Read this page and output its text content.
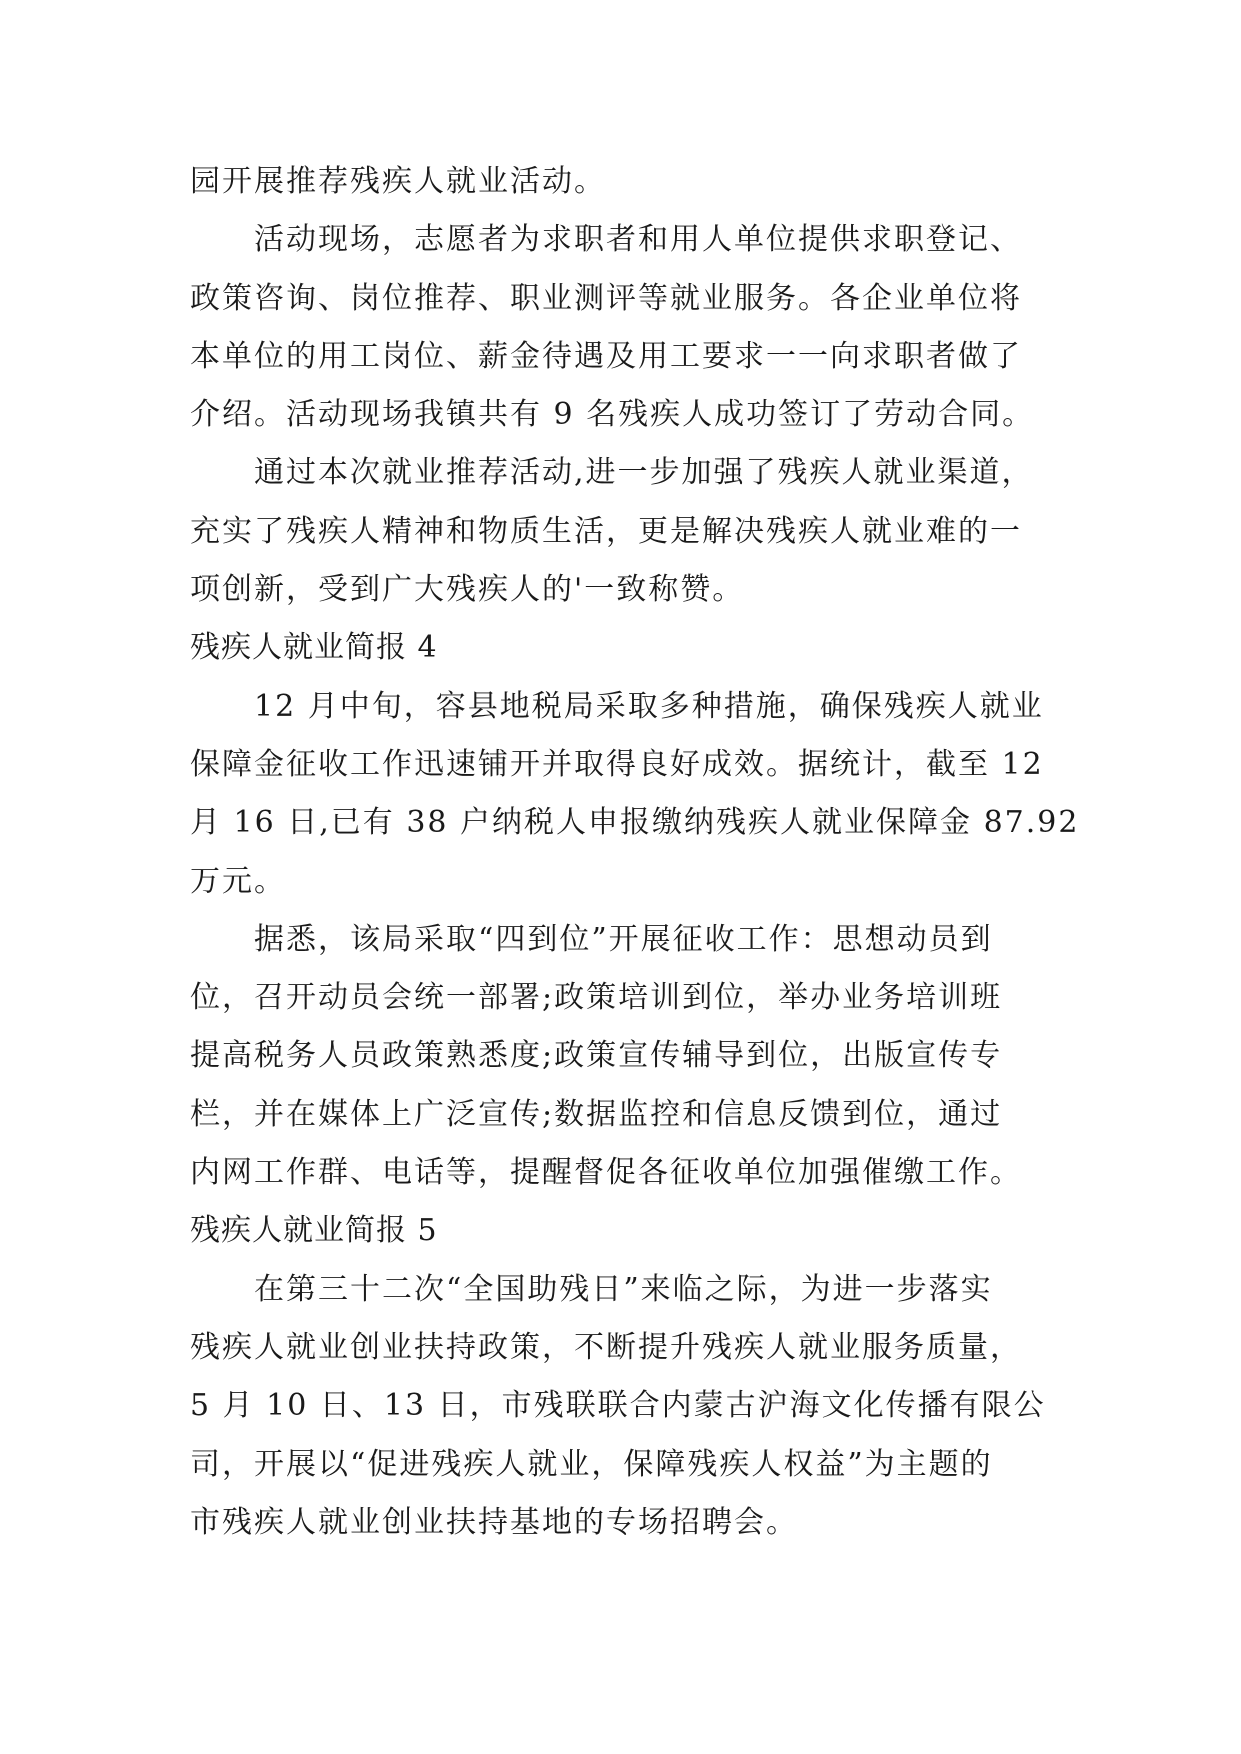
园开展推荐残疾人就业活动。
活动现场，志愿者为求职者和用人单位提供求职登记、
政策咨询、岗位推荐、职业测评等就业服务。各企业单位将
本单位的用工岗位、薪金待遇及用工要求一一向求职者做了
介绍。活动现场我镇共有 9 名残疾人成功签订了劳动合同。
通过本次就业推荐活动,进一步加强了残疾人就业渠道，
充实了残疾人精神和物质生活，更是解决残疾人就业难的一
项创新，受到广大残疾人的'一致称赞。
残疾人就业简报 4
12 月中旬，容县地税局采取多种措施，确保残疾人就业
保障金征收工作迅速铺开并取得良好成效。据统计，截至 12
月 16 日,已有 38 户纳税人申报缴纳残疾人就业保障金 87.92
万元。
据悉，该局采取“四到位”开展征收工作：思想动员到
位，召开动员会统一部署;政策培训到位，举办业务培训班
提高税务人员政策熟悉度;政策宣传辅导到位，出版宣传专
栏，并在媒体上广泛宣传;数据监控和信息反馈到位，通过
内网工作群、电话等，提醒督促各征收单位加强催缴工作。
残疾人就业简报 5
在第三十二次“全国助残日”来临之际，为进一步落实
残疾人就业创业扶持政策，不断提升残疾人就业服务质量，
5 月 10 日、13 日，市残联联合内蒙古沪海文化传播有限公
司，开展以“促进残疾人就业，保障残疾人权益”为主题的
市残疾人就业创业扶持基地的专场招聘会。
